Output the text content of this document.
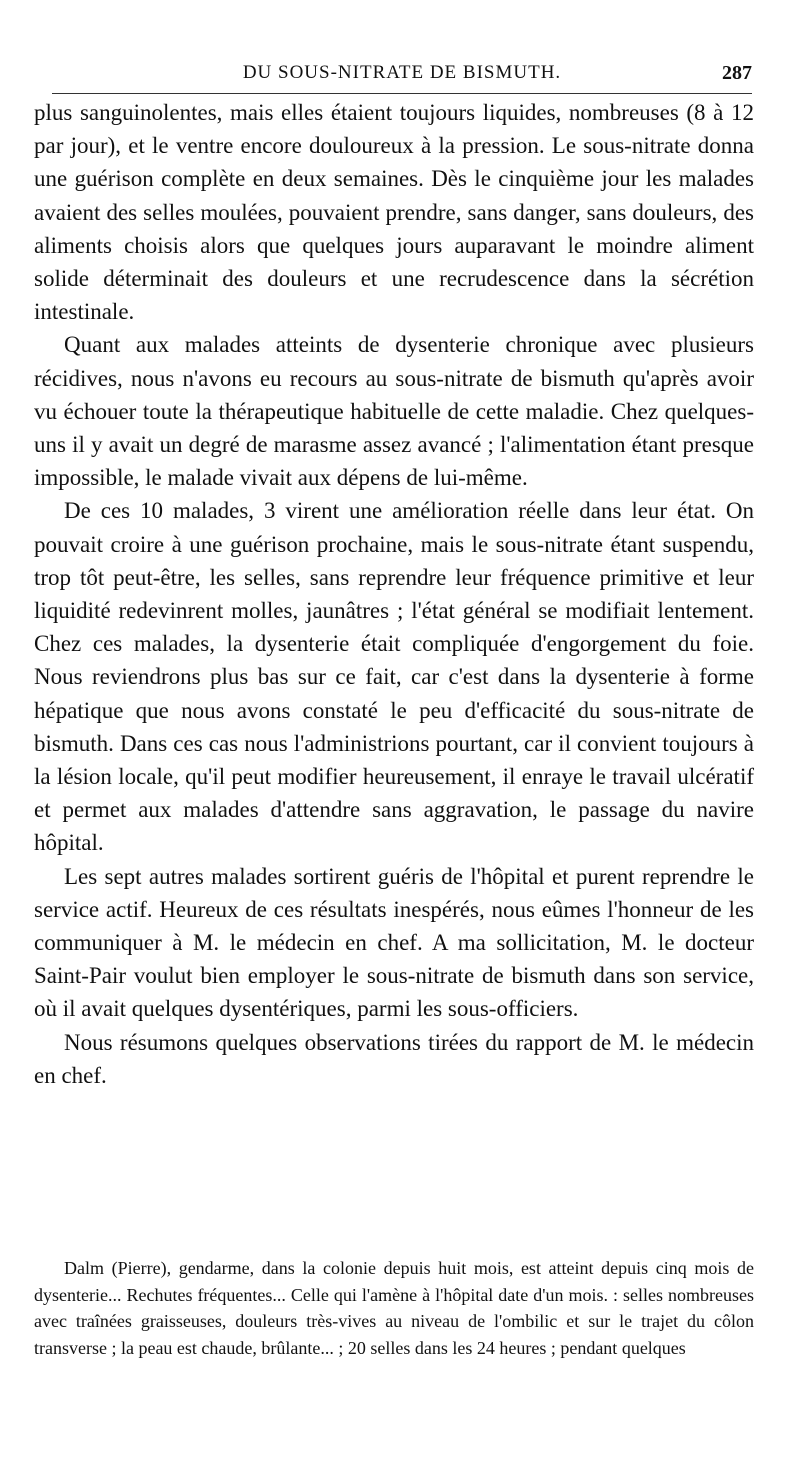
DU SOUS-NITRATE DE BISMUTH.	287

plus sanguinolentes, mais elles étaient toujours liquides, nombreuses (8 à 12 par jour), et le ventre encore douloureux à la pression. Le sous-nitrate donna une guérison complète en deux semaines. Dès le cinquième jour les malades avaient des selles moulées, pouvaient prendre, sans danger, sans douleurs, des aliments choisis alors que quelques jours auparavant le moindre aliment solide déterminait des douleurs et une recrudescence dans la sécrétion intestinale.

Quant aux malades atteints de dysenterie chronique avec plusieurs récidives, nous n'avons eu recours au sous-nitrate de bismuth qu'après avoir vu échouer toute la thérapeutique habituelle de cette maladie. Chez quelques-uns il y avait un degré de marasme assez avancé ; l'alimentation étant presque impossible, le malade vivait aux dépens de lui-même.

De ces 10 malades, 3 virent une amélioration réelle dans leur état. On pouvait croire à une guérison prochaine, mais le sous-nitrate étant suspendu, trop tôt peut-être, les selles, sans reprendre leur fréquence primitive et leur liquidité redevinrent molles, jaunâtres ; l'état général se modifiait lentement. Chez ces malades, la dysenterie était compliquée d'engorgement du foie. Nous reviendrons plus bas sur ce fait, car c'est dans la dysenterie à forme hépatique que nous avons constaté le peu d'efficacité du sous-nitrate de bismuth. Dans ces cas nous l'administrions pourtant, car il convient toujours à la lésion locale, qu'il peut modifier heureusement, il enraye le travail ulcératif et permet aux malades d'attendre sans aggravation, le passage du navire hôpital.

Les sept autres malades sortirent guéris de l'hôpital et purent reprendre le service actif. Heureux de ces résultats inespérés, nous eûmes l'honneur de les communiquer à M. le médecin en chef. A ma sollicitation, M. le docteur Saint-Pair voulut bien employer le sous-nitrate de bismuth dans son service, où il avait quelques dysentériques, parmi les sous-officiers.

Nous résumons quelques observations tirées du rapport de M. le médecin en chef.

Dalm (Pierre), gendarme, dans la colonie depuis huit mois, est atteint depuis cinq mois de dysenterie... Rechutes fréquentes... Celle qui l'amène à l'hôpital date d'un mois. : selles nombreuses avec traînées graisseuses, douleurs très-vives au niveau de l'ombilic et sur le trajet du côlon transverse ; la peau est chaude, brûlante... ; 20 selles dans les 24 heures ; pendant quelques
